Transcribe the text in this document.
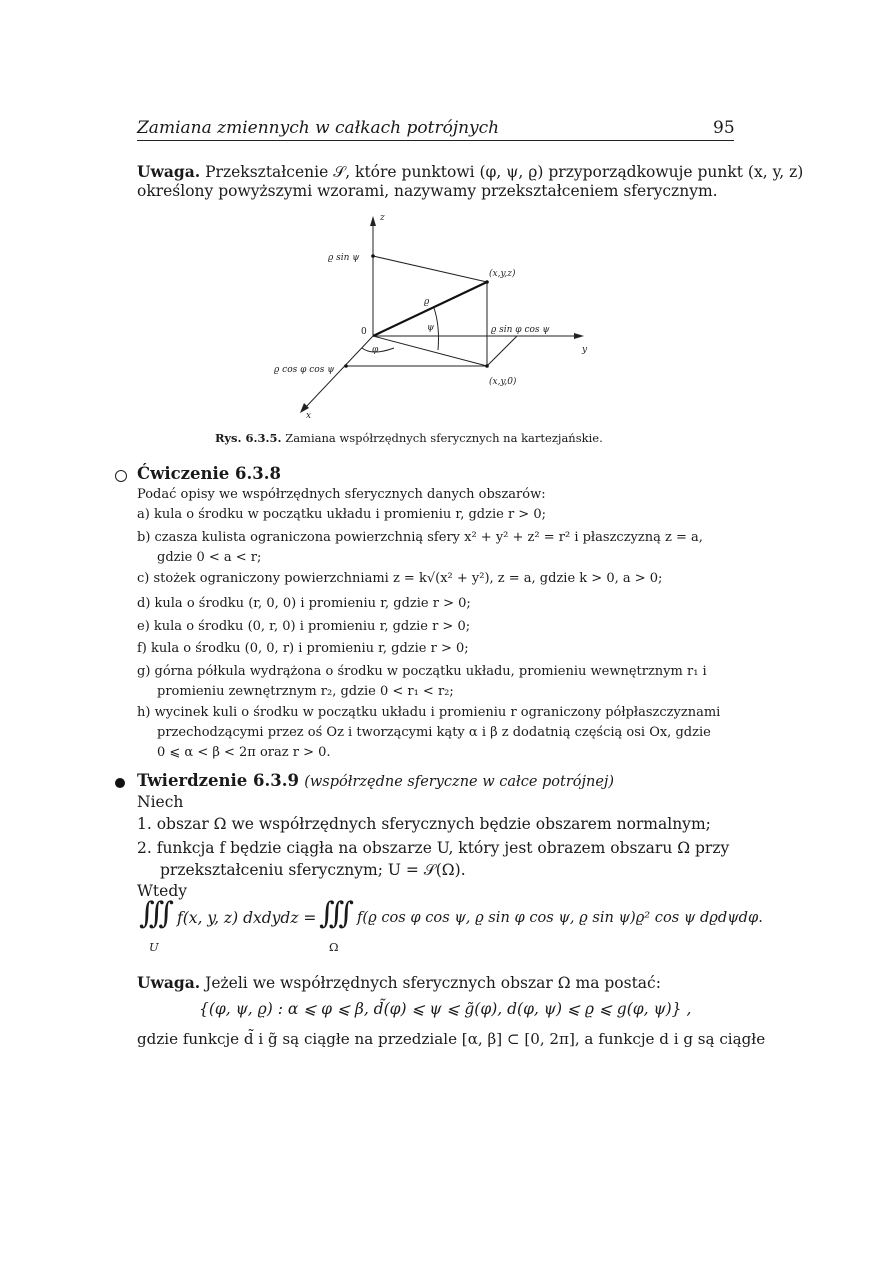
Zamiana zmiennych w całkach potrójnych	95
Uwaga. Przekształcenie 𝒮, które punktowi (φ, ψ, ϱ) przyporządkowuje punkt (x, y, z)
określony powyższymi wzorami, nazywamy przekształceniem sferycznym.
z
y
x
0
ϱ sin ψ
(x,y,z)
ϱ
ψ
φ
ϱ sin φ cos ψ
ϱ cos φ cos ψ
(x,y,0)
Rys. 6.3.5. Zamiana współrzędnych sferycznych na kartezjańskie.
Ćwiczenie 6.3.8
Podać opisy we współrzędnych sferycznych danych obszarów:
a) kula o środku w początku układu i promieniu r, gdzie r > 0;
b) czasza kulista ograniczona powierzchnią sfery x² + y² + z² = r² i płaszczyzną z = a,
gdzie 0 < a < r;
c) stożek ograniczony powierzchniami z = k√(x² + y²), z = a, gdzie k > 0, a > 0;
d) kula o środku (r, 0, 0) i promieniu r, gdzie r > 0;
e) kula o środku (0, r, 0) i promieniu r, gdzie r > 0;
f) kula o środku (0, 0, r) i promieniu r, gdzie r > 0;
g) górna półkula wydrążona o środku w początku układu, promieniu wewnętrznym r₁ i
promieniu zewnętrznym r₂, gdzie 0 < r₁ < r₂;
h) wycinek kuli o środku w początku układu i promieniu r ograniczony półpłaszczyznami
przechodzącymi przez oś Oz i tworzącymi kąty α i β z dodatnią częścią osi Ox, gdzie
0 ⩽ α < β < 2π oraz r > 0.
Twierdzenie 6.3.9 (współrzędne sferyczne w całce potrójnej)
Niech
1. obszar Ω we współrzędnych sferycznych będzie obszarem normalnym;
2. funkcja f będzie ciągła na obszarze U, który jest obrazem obszaru Ω przy
przekształceniu sferycznym; U = 𝒮(Ω).
Wtedy
∫∫∫ f(x, y, z) dxdydz = ∫∫∫ f(ϱ cos φ cos ψ, ϱ sin φ cos ψ, ϱ sin ψ)ϱ² cos ψ dϱdψdφ.
U	Ω
Uwaga. Jeżeli we współrzędnych sferycznych obszar Ω ma postać:
{(φ, ψ, ϱ) : α ⩽ φ ⩽ β, d̃(φ) ⩽ ψ ⩽ g̃(φ), d(φ, ψ) ⩽ ϱ ⩽ g(φ, ψ)} ,
gdzie funkcje d̃ i g̃ są ciągłe na przedziale [α, β] ⊂ [0, 2π], a funkcje d i g są ciągłe
